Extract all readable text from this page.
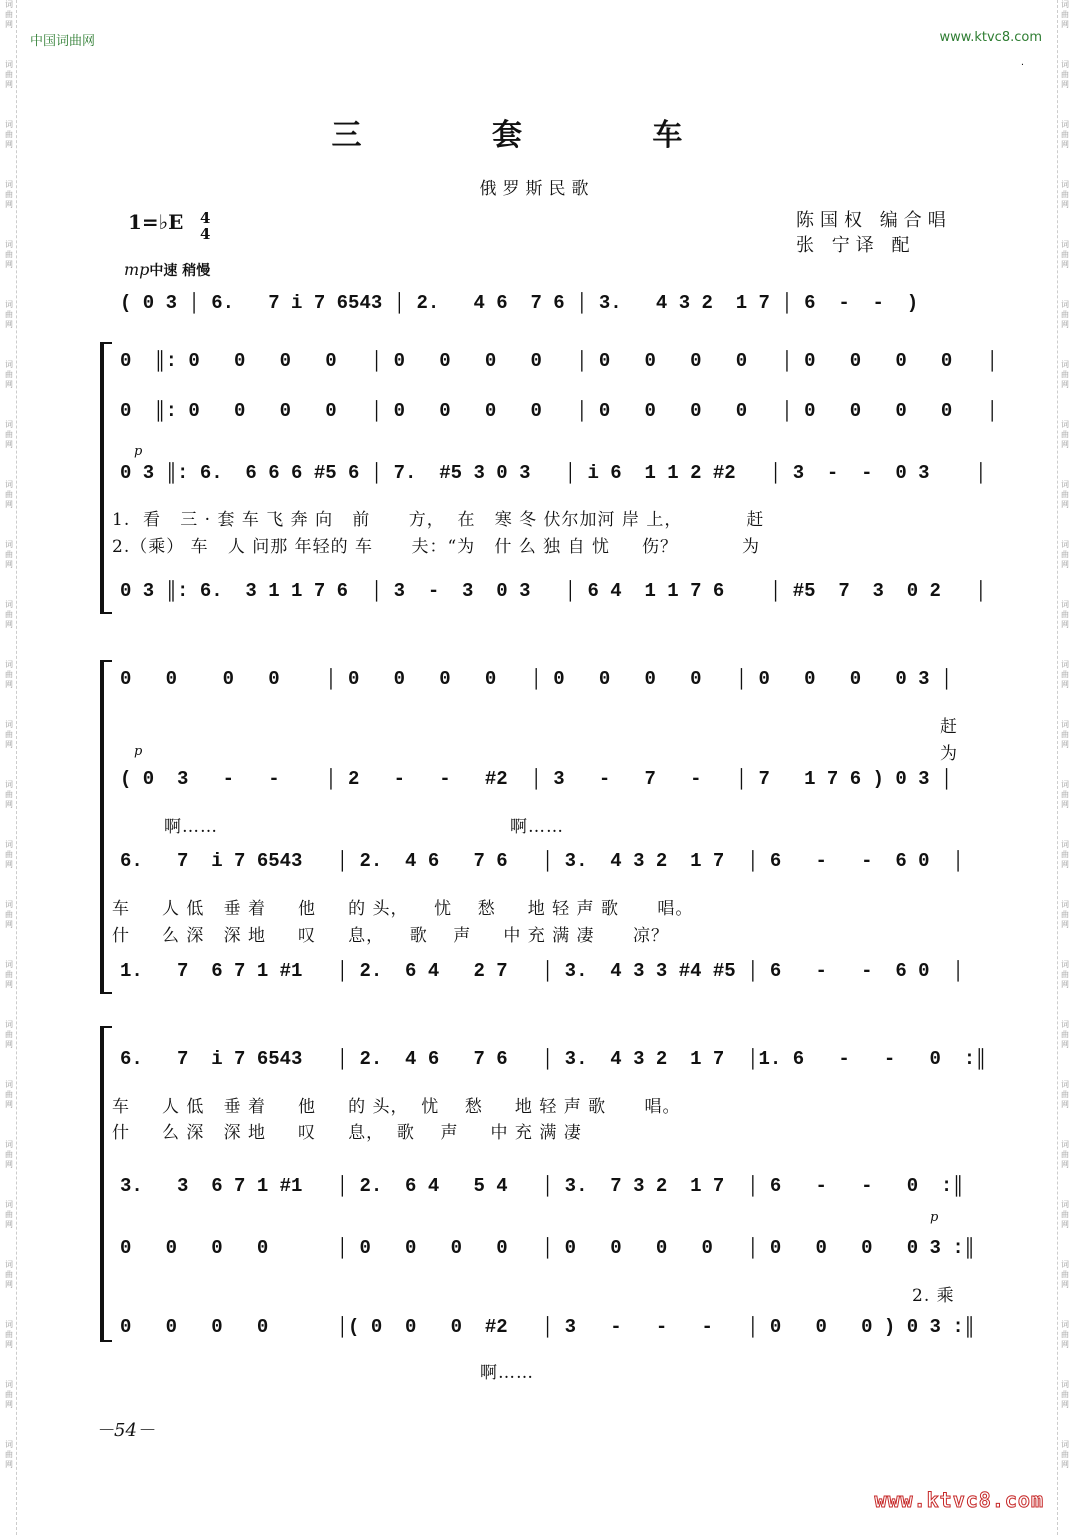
词
曲
网
词
曲
网
词
曲
网
词
曲
网
词
曲
网
词
曲
网
词
曲
网
词
曲
网
词
曲
网
词
曲
网
词
曲
网
词
曲
网
词
曲
网
词
曲
网
词
曲
网
词
曲
网
词
曲
网
词
曲
网
词
曲
网
词
曲
网
词
曲
网
词
曲
网
词
曲
网
词
曲
网
词
曲
网
词
曲
网
词
曲
网
词
曲
网
词
曲
网
词
曲
网
词
曲
网
词
曲
网
词
曲
网
词
曲
网
词
曲
网
词
曲
网
词
曲
网
词
曲
网
词
曲
网
词
曲
网
词
曲
网
词
曲
网
词
曲
网
词
曲
网
词
曲
网
词
曲
网
词
曲
网
词
曲
网
词
曲
网
词
曲
网
中国词曲网	www.ktvc8.com
·
三 套 车
俄罗斯民歌
1=♭E 4
4
陈国权 编合唱
张 宁译 配
mp中速 稍慢
( 0 3 │ 6.   7 i 7 6543 │ 2.   4 6  7 6 │ 3.   4 3 2  1 7 │ 6  -  -  )
0  ║: 0   0   0   0   │ 0   0   0   0   │ 0   0   0   0   │ 0   0   0   0   │
0  ║: 0   0   0   0   │ 0   0   0   0   │ 0   0   0   0   │ 0   0   0   0   │
p
0 3 ║: 6.  6 6 6 #5 6 │ 7.  #5 3 0 3   │ i 6  1 1 2 #2   │ 3  -  -  0 3    │
1.  看   三 · 套 车 飞 奔 向   前      方，  在   寒 冬 伏尔加河 岸 上，          赶
2.（乘） 车   人 问那 年轻的 车      夫：“为   什 么 独 自 忧     伤？          为
0 3 ║: 6.  3 1 1 7 6  │ 3  -  3  0 3   │ 6 4  1 1 7 6    │ #5  7  3  0 2   │
0   0    0   0    │ 0   0   0   0   │ 0   0   0   0   │ 0   0   0   0 3 │
赶
为
p
( 0  3   -   -    │ 2   -   -   #2  │ 3   -   7   -   │ 7   1 7 6 ) 0 3 │
啊……	啊……
6.   7  i 7 6543   │ 2.  4 6   7 6   │ 3.  4 3 2  1 7  │ 6   -   -  6 0  │
车     人 低   垂 着     他     的 头，    忧    愁     地 轻 声 歌      唱。
什     么 深   深 地     叹     息，    歌    声     中 充 满 凄      凉？
1.   7  6 7 1 #1   │ 2.  6 4   2 7   │ 3.  4 3 3 #4 #5 │ 6   -   -  6 0  │
6.   7  i 7 6543   │ 2.  4 6   7 6   │ 3.  4 3 2  1 7  │1. 6   -   -   0  :║
车     人 低   垂 着     他     的 头，  忧    愁     地 轻 声 歌      唱。
什     么 深   深 地     叹     息，  歌    声     中 充 满 凄
3.   3  6 7 1 #1   │ 2.  6 4   5 4   │ 3.  7 3 2  1 7  │ 6   -   -   0  :║
p
0   0   0   0      │ 0   0   0   0   │ 0   0   0   0   │ 0   0   0   0 3 :║
2. 乘
0   0   0   0      │( 0  0   0  #2   │ 3   -   -   -   │ 0   0   0 ) 0 3 :║
啊……
－54－
www.ktvc8.com
